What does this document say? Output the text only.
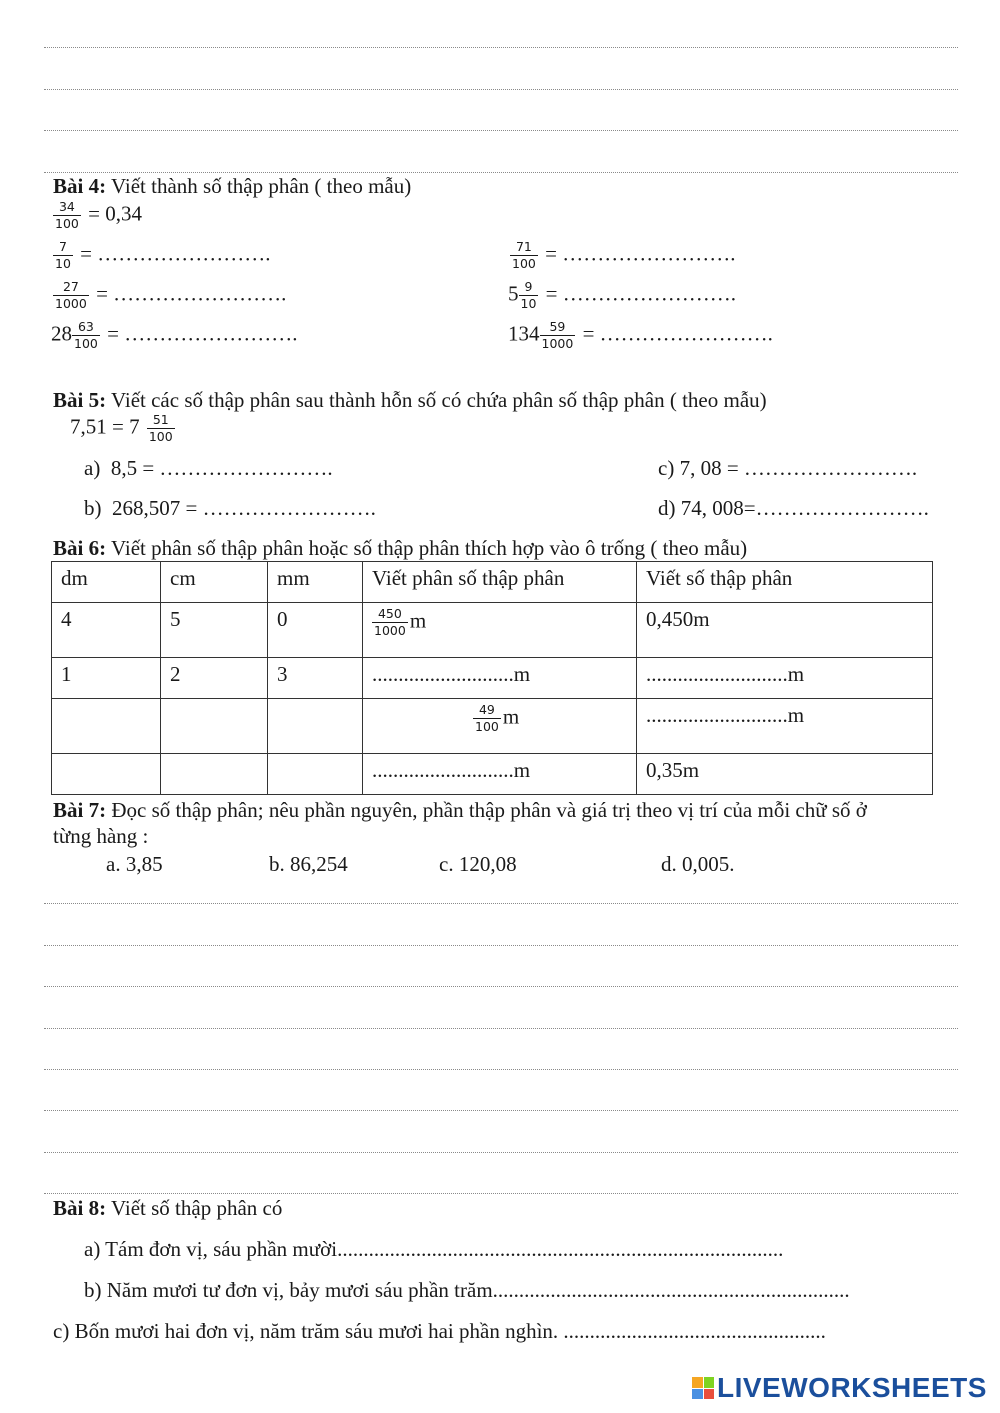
Bài 4: Viết thành số thập phân ( theo mẫu)
$\frac{34}{100} = 0,34$
$\frac{7}{10}$ = …………………….	$\frac{71}{100}$ = …………………….
$\frac{27}{1000}$ = …………………….	$5 \frac{9}{10}$ = …………………….
$28 \frac{63}{100}$ = …………………….	$134 \frac{59}{1000}$ = …………………….
Bài 5: Viết các số thập phân sau thành hỗn số có chứa phân số thập phân ( theo mẫu)
$7,51 = 7 \frac{51}{100}$
a) 8,5 = …………………….	c) 7, 08 = …………………….
b) 268,507 = …………………….	d) 74, 008=…………………….
Bài 6: Viết phân số thập phân hoặc số thập phân thích hợp vào ô trống ( theo mẫu)
dm	cm	mm	Viết phân số thập phân	Viết số thập phân
4	5	0	$\frac{450}{1000}$ m	0,450m
1	2	3	...........................m	...........................m

			$\frac{49}{100}$ m	...........................m
			...........................m	0,35m
Bài 7: Đọc số thập phân; nêu phần nguyên, phần thập phân và giá trị theo vị trí của mỗi chữ số ở
từng hàng :
a. 3,85	b. 86,254	c. 120,08	d. 0,005.
Bài 8: Viết số thập phân có
a) Tám đơn vị, sáu phần mười.....................................................................................
b) Năm mươi tư đơn vị, bảy mươi sáu phần trăm....................................................................
c) Bốn mươi hai đơn vị, năm trăm sáu mươi hai phần nghìn. ..................................................
LIVEWORKSHEETS
